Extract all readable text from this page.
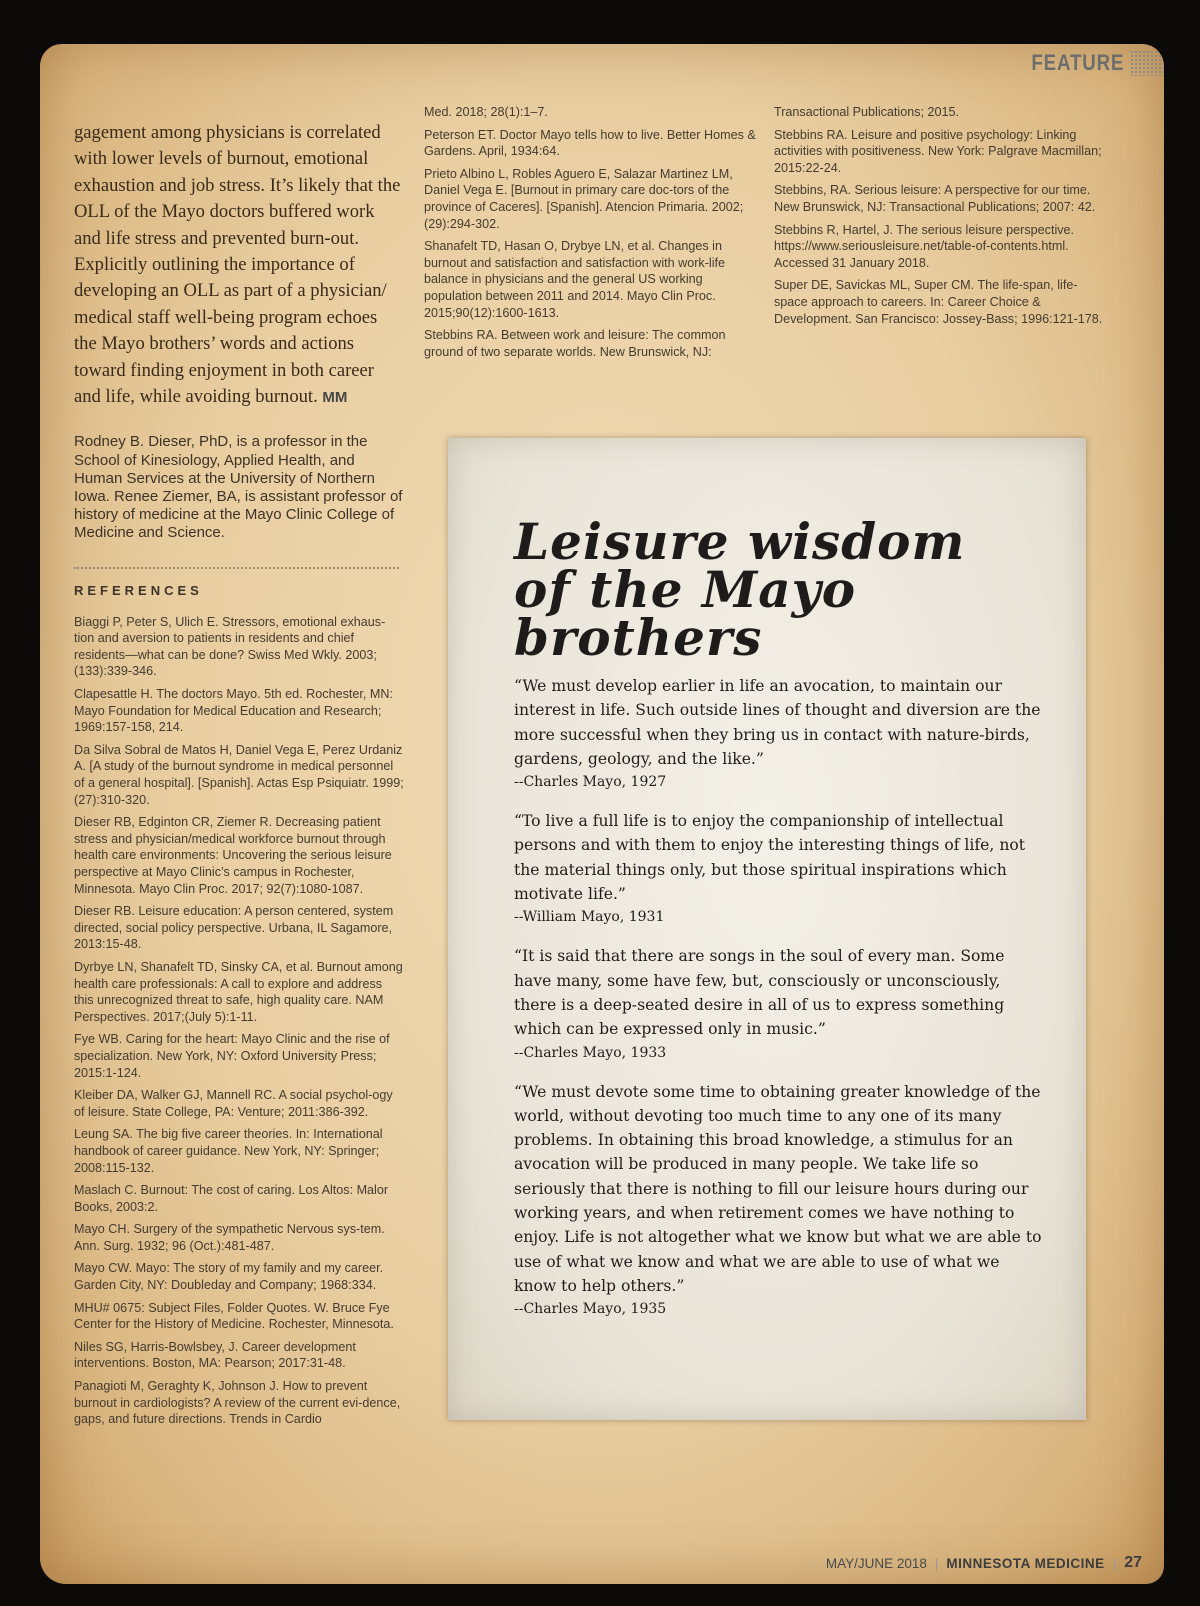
FEATURE

gagement among physicians is correlated with lower levels of burnout, emotional exhaustion and job stress. It’s likely that the OLL of the Mayo doctors buffered work and life stress and prevented burn-out. Explicitly outlining the importance of developing an OLL as part of a physician/ medical staff well-being program echoes the Mayo brothers’ words and actions toward finding enjoyment in both career and life, while avoiding burnout. MM

Rodney B. Dieser, PhD, is a professor in the School of Kinesiology, Applied Health, and Human Services at the University of Northern Iowa. Renee Ziemer, BA, is assistant professor of history of medicine at the Mayo Clinic College of Medicine and Science.
REFERENCES

Biaggi P, Peter S, Ulich E. Stressors, emotional exhaus-tion and aversion to patients in residents and chief residents—what can be done? Swiss Med Wkly. 2003;(133):339-346.

Clapesattle H. The doctors Mayo. 5th ed. Rochester, MN: Mayo Foundation for Medical Education and Research; 1969:157-158, 214.

Da Silva Sobral de Matos H, Daniel Vega E, Perez Urdaniz A. [A study of the burnout syndrome in medical personnel of a general hospital]. [Spanish]. Actas Esp Psiquiatr. 1999;(27):310-320.

Dieser RB, Edginton CR, Ziemer R. Decreasing patient stress and physician/medical workforce burnout through health care environments: Uncovering the serious leisure perspective at Mayo Clinic’s campus in Rochester, Minnesota. Mayo Clin Proc. 2017; 92(7):1080-1087.

Dieser RB. Leisure education: A person centered, system directed, social policy perspective. Urbana, IL Sagamore, 2013:15-48.

Dyrbye LN, Shanafelt TD, Sinsky CA, et al. Burnout among health care professionals: A call to explore and address this unrecognized threat to safe, high quality care. NAM Perspectives. 2017;(July 5):1-11.

Fye WB. Caring for the heart: Mayo Clinic and the rise of specialization. New York, NY: Oxford University Press; 2015:1-124.

Kleiber DA, Walker GJ, Mannell RC. A social psychol-ogy of leisure. State College, PA: Venture; 2011:386-392.

Leung SA. The big five career theories. In: International handbook of career guidance. New York, NY: Springer; 2008:115-132.

Maslach C. Burnout: The cost of caring. Los Altos: Malor Books, 2003:2.

Mayo CH. Surgery of the sympathetic Nervous sys-tem. Ann. Surg. 1932; 96 (Oct.):481-487.

Mayo CW. Mayo: The story of my family and my career. Garden City, NY: Doubleday and Company; 1968:334.

MHU# 0675: Subject Files, Folder Quotes. W. Bruce Fye Center for the History of Medicine. Rochester, Minnesota.

Niles SG, Harris-Bowlsbey, J. Career development interventions. Boston, MA: Pearson; 2017:31-48.

Panagioti M, Geraghty K, Johnson J. How to prevent burnout in cardiologists? A review of the current evi-dence, gaps, and future directions. Trends in Cardio

Med. 2018; 28(1):1–7.

Peterson ET. Doctor Mayo tells how to live. Better Homes & Gardens. April, 1934:64.

Prieto Albino L, Robles Aguero E, Salazar Martinez LM, Daniel Vega E. [Burnout in primary care doc-tors of the province of Caceres]. [Spanish]. Atencion Primaria. 2002;(29):294-302.

Shanafelt TD, Hasan O, Drybye LN, et al. Changes in burnout and satisfaction and satisfaction with work-life balance in physicians and the general US working population between 2011 and 2014. Mayo Clin Proc. 2015;90(12):1600-1613.

Stebbins RA. Between work and leisure: The common ground of two separate worlds. New Brunswick, NJ:

Transactional Publications; 2015.

Stebbins RA. Leisure and positive psychology: Linking activities with positiveness. New York: Palgrave Macmillan; 2015:22-24.

Stebbins, RA. Serious leisure: A perspective for our time. New Brunswick, NJ: Transactional Publications; 2007: 42.

Stebbins R, Hartel, J. The serious leisure perspective. https://www.seriousleisure.net/table-of-contents.html. Accessed 31 January 2018.

Super DE, Savickas ML, Super CM. The life-span, life-space approach to careers. In: Career Choice & Development. San Francisco: Jossey-Bass; 1996:121-178.

Leisure wisdom of the Mayo brothers

“We must develop earlier in life an avocation, to maintain our interest in life. Such outside lines of thought and diversion are the more successful when they bring us in contact with nature-birds, gardens, geology, and the like.”

--Charles Mayo, 1927

“To live a full life is to enjoy the companionship of intellectual persons and with them to enjoy the interesting things of life, not the material things only, but those spiritual inspirations which motivate life.”

--William Mayo, 1931

“It is said that there are songs in the soul of every man. Some have many, some have few, but, consciously or unconsciously, there is a deep-seated desire in all of us to express something which can be expressed only in music.”

--Charles Mayo, 1933

“We must devote some time to obtaining greater knowledge of the world, without devoting too much time to any one of its many problems. In obtaining this broad knowledge, a stimulus for an avocation will be produced in many people. We take life so seriously that there is nothing to fill our leisure hours during our working years, and when retirement comes we have nothing to enjoy. Life is not altogether what we know but what we are able to use of what we know and what we are able to use of what we know to help others.”

--Charles Mayo, 1935

MAY/JUNE 2018 | MINNESOTA MEDICINE | 27
